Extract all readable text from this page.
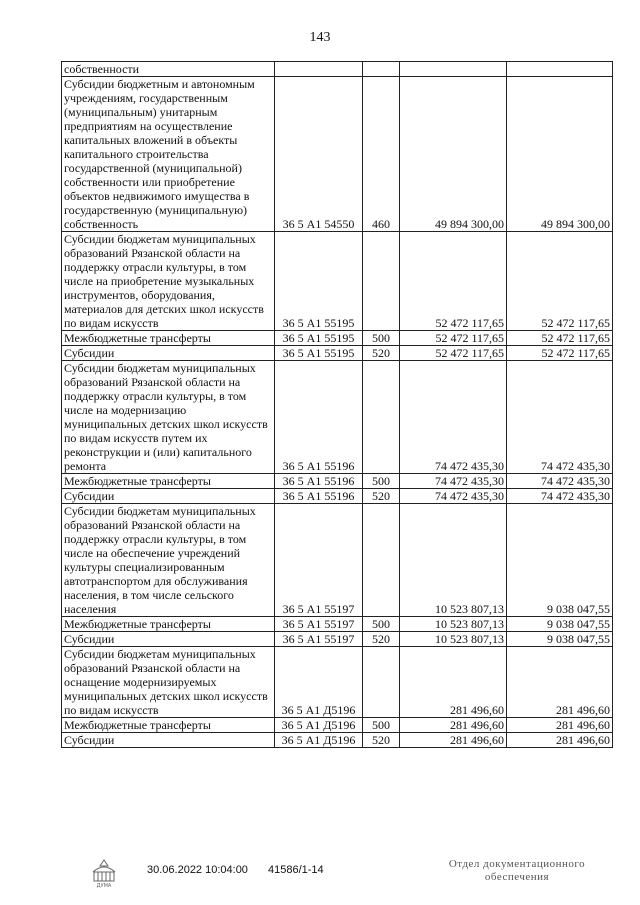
143
собственности				
Субсидии бюджетным и автономным учреждениям, государственным (муниципальным) унитарным предприятиям на осуществление капитальных вложений в объекты капитального строительства государственной (муниципальной) собственности или приобретение объектов недвижимого имущества в государственную (муниципальную) собственность	36 5 А1 54550	460	49 894 300,00	49 894 300,00
Субсидии бюджетам муниципальных образований Рязанской области на поддержку отрасли культуры, в том числе на приобретение музыкальных инструментов, оборудования, материалов для детских школ искусств по видам искусств	36 5 А1 55195		52 472 117,65	52 472 117,65
Межбюджетные трансферты	36 5 А1 55195	500	52 472 117,65	52 472 117,65
Субсидии	36 5 А1 55195	520	52 472 117,65	52 472 117,65
Субсидии бюджетам муниципальных образований Рязанской области на поддержку отрасли культуры, в том числе на модернизацию муниципальных детских школ искусств по видам искусств путем их реконструкции и (или) капитального ремонта	36 5 А1 55196		74 472 435,30	74 472 435,30
Межбюджетные трансферты	36 5 А1 55196	500	74 472 435,30	74 472 435,30
Субсидии	36 5 А1 55196	520	74 472 435,30	74 472 435,30
Субсидии бюджетам муниципальных образований Рязанской области на поддержку отрасли культуры, в том числе на обеспечение учреждений культуры специализированным автотранспортом для обслуживания населения, в том числе сельского населения	36 5 А1 55197		10 523 807,13	9 038 047,55
Межбюджетные трансферты	36 5 А1 55197	500	10 523 807,13	9 038 047,55
Субсидии	36 5 А1 55197	520	10 523 807,13	9 038 047,55
Субсидии бюджетам муниципальных образований Рязанской области на оснащение модернизируемых муниципальных детских школ искусств по видам искусств	36 5 А1 Д5196		281 496,60	281 496,60
Межбюджетные трансферты	36 5 А1 Д5196	500	281 496,60	281 496,60
Субсидии	36 5 А1 Д5196	520	281 496,60	281 496,60
ДУМА
30.06.2022 10:04:00 41586/1-14	Отдел документационного
обеспечения
